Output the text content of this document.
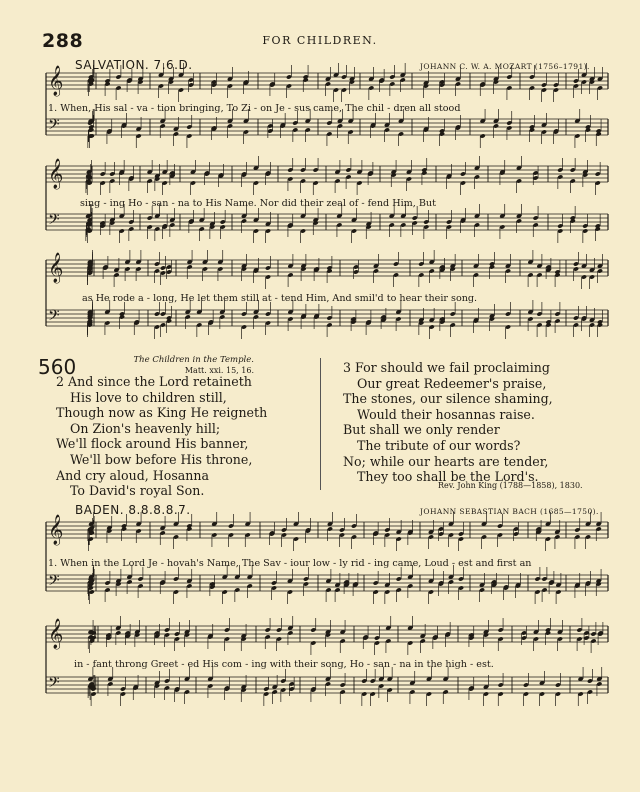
288	FOR CHILDREN.
𝄞
𝄢
𝄞
𝄢
𝄞
𝄢
𝄞
𝄢
𝄞
𝄢
SALVATION. 7.6.D.	JOHANN C. W. A. MOZART (1756–1791).
1. When, His sal - va - tion bringing, To Zi - on Je - sus came, The chil - dren all stood
sing - ing Ho - san - na to His Name. Nor did their zeal of - fend Him, But
as He rode a - long, He let them still at - tend Him, And smil'd to hear their song.
560	The Children in the Temple.
Matt. xxi. 15, 16.
2 And since the Lord retaineth
His love to children still,
Though now as King He reigneth
On Zion's heavenly hill;
We'll flock around His banner,
We'll bow before His throne,
And cry aloud, Hosanna
To David's royal Son.
3 For should we fail proclaiming
Our great Redeemer's praise,
The stones, our silence shaming,
Would their hosannas raise.
But shall we only render
The tribute of our words?
No; while our hearts are tender,
They too shall be the Lord's.
Rev. John King (1788—1858), 1830.
BADEN. 8.8.8.8.7.	JOHANN SEBASTIAN BACH (1685—1750).
1. When in the Lord Je - hovah's Name, The Sav - iour low - ly rid - ing came, Loud - est and first an
in - fant throng Greet - ed His com - ing with their song, Ho - san - na in the high - est.
